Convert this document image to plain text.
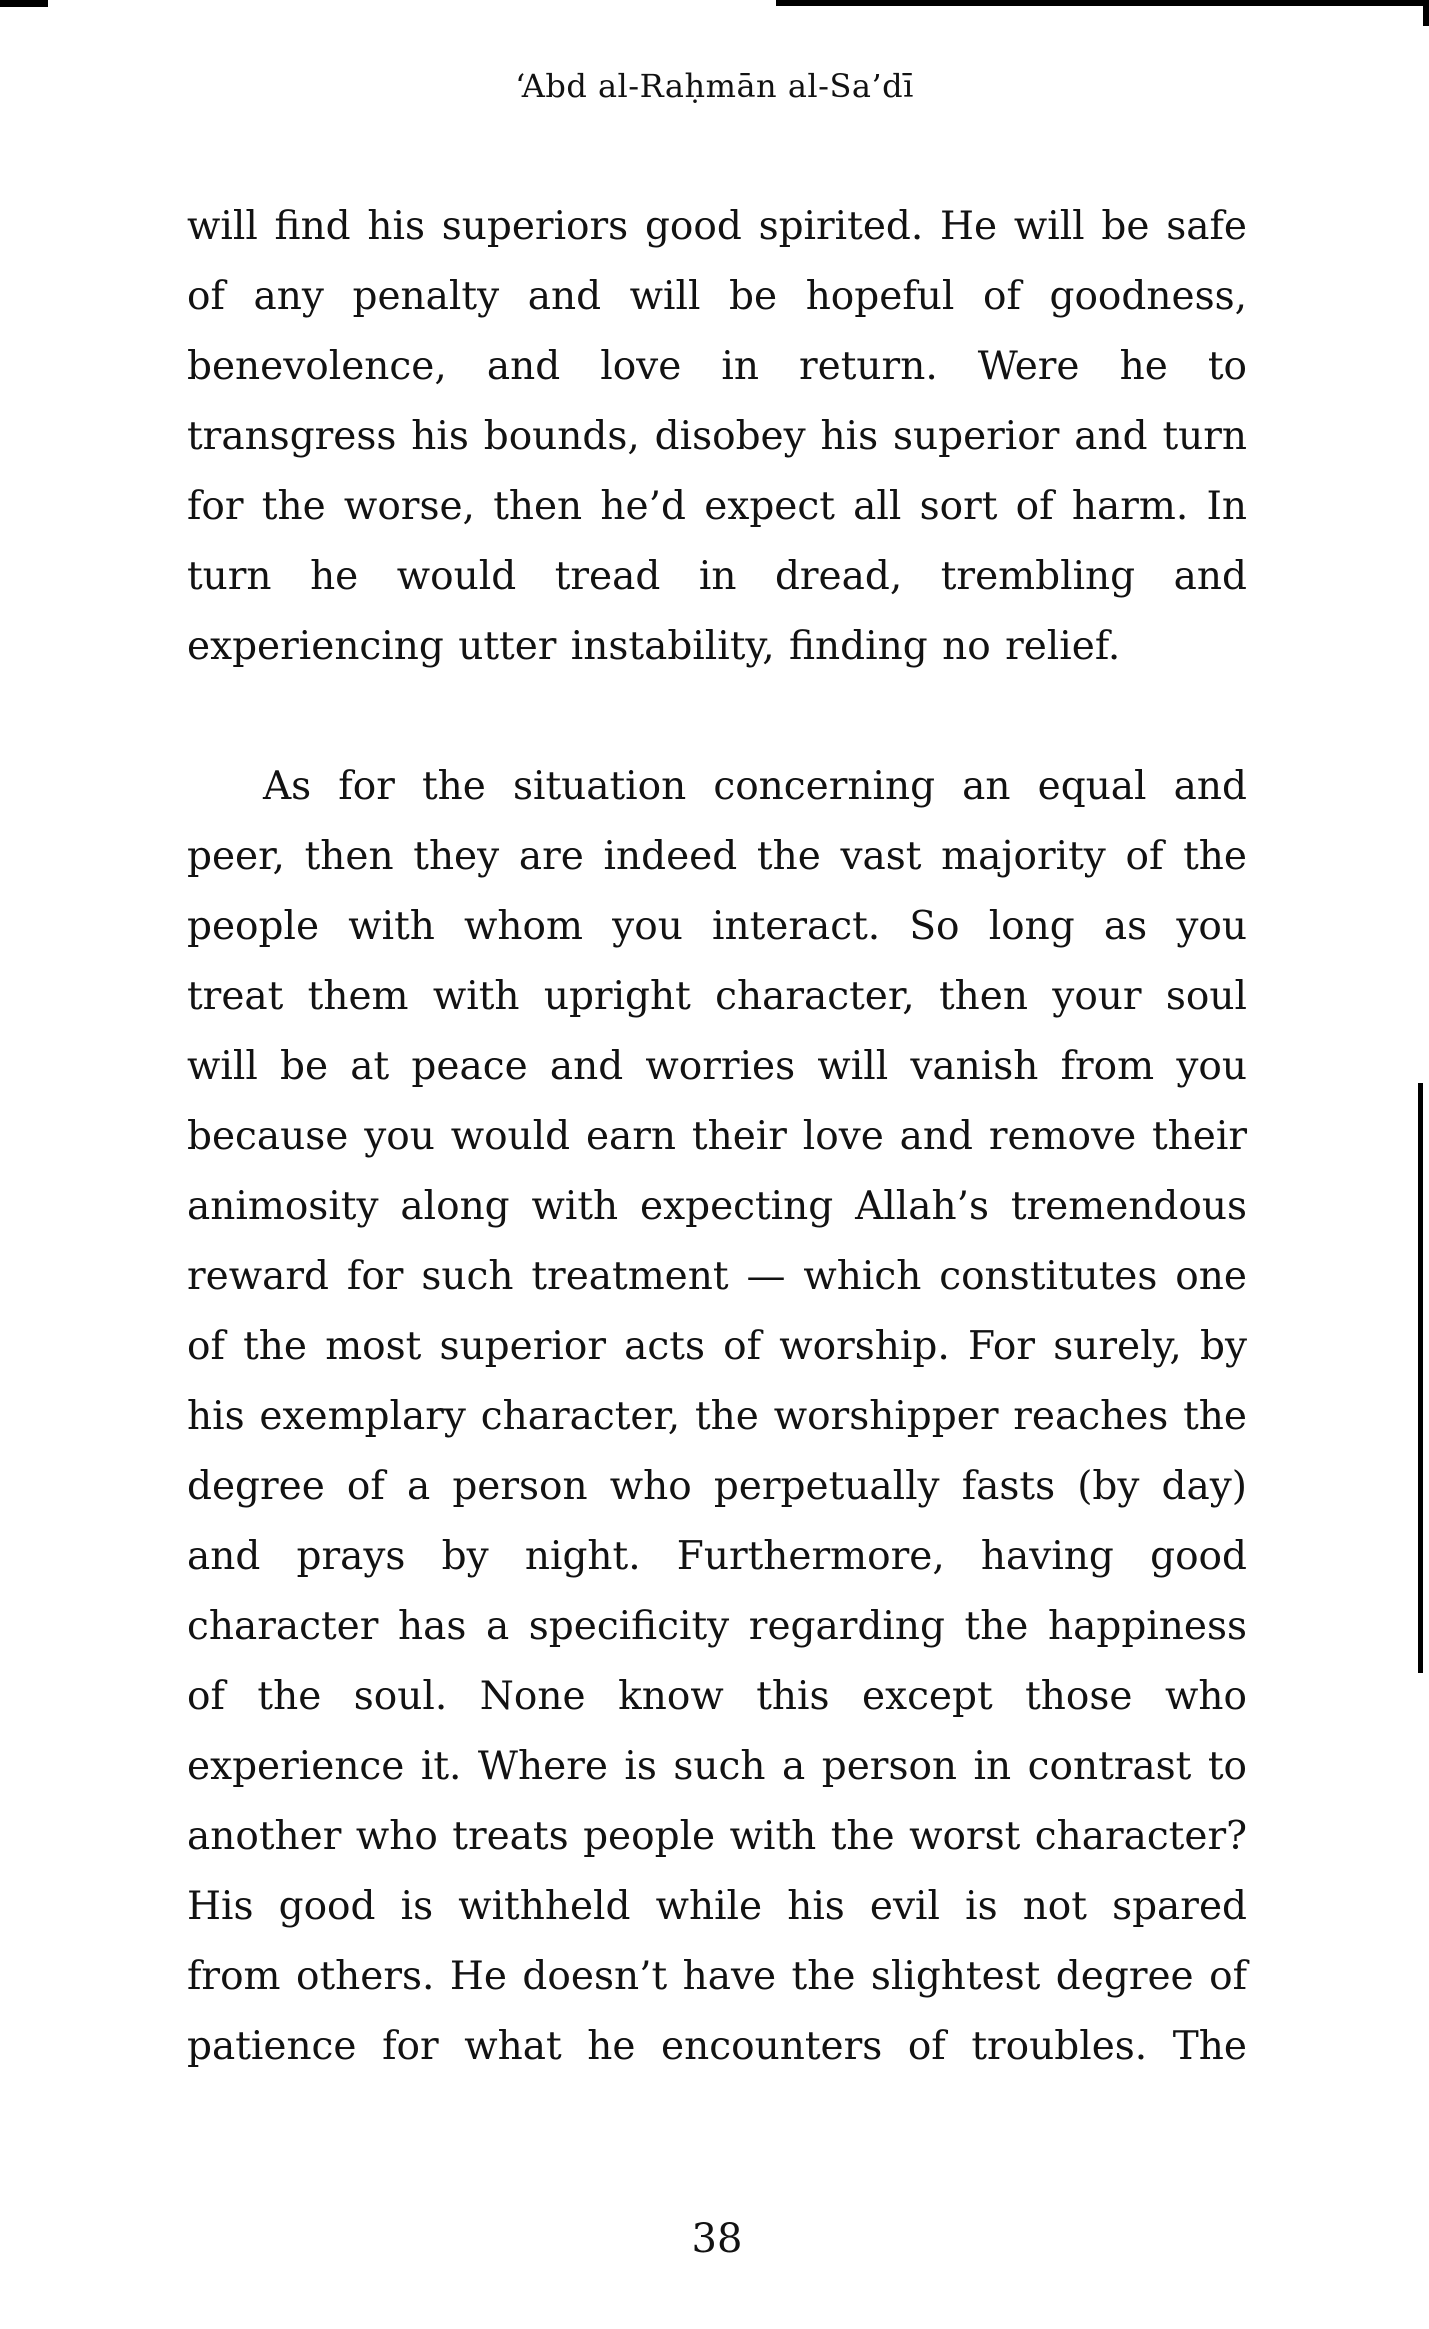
‘Abd al-Raḥmān al-Sa’dī
will find his superiors good spirited. He will be safe
of any penalty and will be hopeful of goodness,
benevolence, and love in return. Were he to
transgress his bounds, disobey his superior and turn
for the worse, then he’d expect all sort of harm. In
turn he would tread in dread, trembling and
experiencing utter instability, finding no relief.
As for the situation concerning an equal and
peer, then they are indeed the vast majority of the
people with whom you interact. So long as you
treat them with upright character, then your soul
will be at peace and worries will vanish from you
because you would earn their love and remove their
animosity along with expecting Allah’s tremendous
reward for such treatment — which constitutes one
of the most superior acts of worship. For surely, by
his exemplary character, the worshipper reaches the
degree of a person who perpetually fasts (by day)
and prays by night. Furthermore, having good
character has a specificity regarding the happiness
of the soul. None know this except those who
experience it. Where is such a person in contrast to
another who treats people with the worst character?
His good is withheld while his evil is not spared
from others. He doesn’t have the slightest degree of
patience for what he encounters of troubles. The
38
